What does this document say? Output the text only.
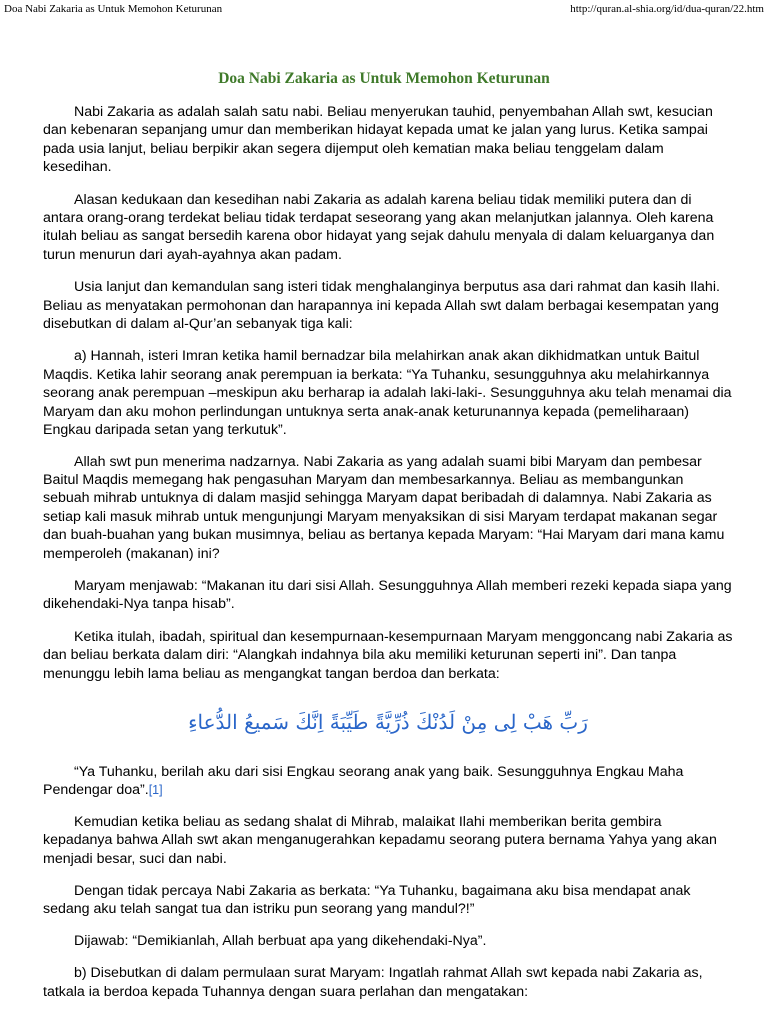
Doa Nabi Zakaria as Untuk Memohon Keturunan	http://quran.al-shia.org/id/dua-quran/22.htm
Doa Nabi Zakaria as Untuk Memohon Keturunan

Nabi Zakaria as adalah salah satu nabi. Beliau menyerukan tauhid, penyembahan Allah swt, kesucian dan kebenaran sepanjang umur dan memberikan hidayat kepada umat ke jalan yang lurus. Ketika sampai pada usia lanjut, beliau berpikir akan segera dijemput oleh kematian maka beliau tenggelam dalam kesedihan.

Alasan kedukaan dan kesedihan nabi Zakaria as adalah karena beliau tidak memiliki putera dan di antara orang-orang terdekat beliau tidak terdapat seseorang yang akan melanjutkan jalannya. Oleh karena itulah beliau as sangat bersedih karena obor hidayat yang sejak dahulu menyala di dalam keluarganya dan turun menurun dari ayah-ayahnya akan padam.

Usia lanjut dan kemandulan sang isteri tidak menghalanginya berputus asa dari rahmat dan kasih Ilahi. Beliau as menyatakan permohonan dan harapannya ini kepada Allah swt dalam berbagai kesempatan yang disebutkan di dalam al-Qur’an sebanyak tiga kali:

a) Hannah, isteri Imran ketika hamil bernadzar bila melahirkan anak akan dikhidmatkan untuk Baitul Maqdis. Ketika lahir seorang anak perempuan ia berkata: “Ya Tuhanku, sesungguhnya aku melahirkannya seorang anak perempuan –meskipun aku berharap ia adalah laki-laki-. Sesungguhnya aku telah menamai dia Maryam dan aku mohon perlindungan untuknya serta anak-anak keturunannya kepada (pemeliharaan) Engkau daripada setan yang terkutuk”.

Allah swt pun menerima nadzarnya. Nabi Zakaria as yang adalah suami bibi Maryam dan pembesar Baitul Maqdis memegang hak pengasuhan Maryam dan membesarkannya. Beliau as membangunkan sebuah mihrab untuknya di dalam masjid sehingga Maryam dapat beribadah di dalamnya. Nabi Zakaria as setiap kali masuk mihrab untuk mengunjungi Maryam menyaksikan di sisi Maryam terdapat makanan segar dan buah-buahan yang bukan musimnya, beliau as bertanya kepada Maryam: “Hai Maryam dari mana kamu memperoleh (makanan) ini?

Maryam menjawab: “Makanan itu dari sisi Allah. Sesungguhnya Allah memberi rezeki kepada siapa yang dikehendaki-Nya tanpa hisab”.

Ketika itulah, ibadah, spiritual dan kesempurnaan-kesempurnaan Maryam menggoncang nabi Zakaria as dan beliau berkata dalam diri: “Alangkah indahnya bila aku memiliki keturunan seperti ini”. Dan tanpa menunggu lebih lama beliau as mengangkat tangan berdoa dan berkata:

رَبِّ هَبْ لِى مِنْ لَدُنْكَ ذُرِّيَّةً طَيِّبَةً اِنَّكَ سَميعُ الدُّعاءِ

“Ya Tuhanku, berilah aku dari sisi Engkau seorang anak yang baik. Sesungguhnya Engkau Maha Pendengar doa”.[1]

Kemudian ketika beliau as sedang shalat di Mihrab, malaikat Ilahi memberikan berita gembira kepadanya bahwa Allah swt akan menganugerahkan kepadamu seorang putera bernama Yahya yang akan menjadi besar, suci dan nabi.

Dengan tidak percaya Nabi Zakaria as berkata: “Ya Tuhanku, bagaimana aku bisa mendapat anak sedang aku telah sangat tua dan istriku pun seorang yang mandul?!”

Dijawab: “Demikianlah, Allah berbuat apa yang dikehendaki-Nya”.

b) Disebutkan di dalam permulaan surat Maryam: Ingatlah rahmat Allah swt kepada nabi Zakaria as, tatkala ia berdoa kepada Tuhannya dengan suara perlahan dan mengatakan:
